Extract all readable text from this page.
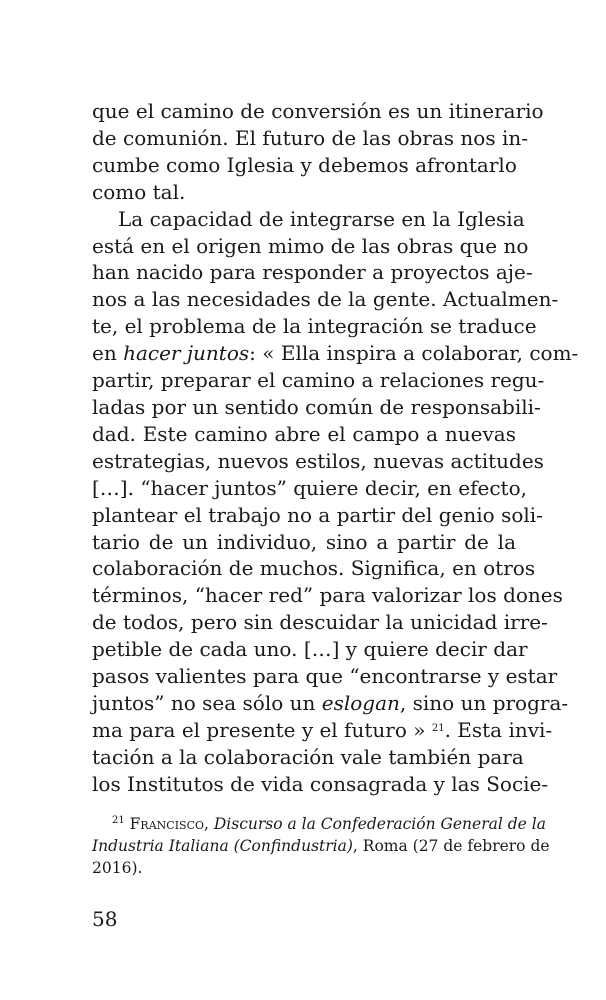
que el camino de conversión es un itinerario
de comunión. El futuro de las obras nos in-
cumbe como Iglesia y debemos afrontarlo
como tal.
La capacidad de integrarse en la Iglesia
está en el origen mimo de las obras que no
han nacido para responder a proyectos aje-
nos a las necesidades de la gente. Actualmen-
te, el problema de la integración se traduce
en hacer juntos: « Ella inspira a colaborar, com-
partir, preparar el camino a relaciones regu-
ladas por un sentido común de responsabili-
dad. Este camino abre el campo a nuevas
estrategias, nuevos estilos, nuevas actitudes
[…]. “hacer juntos” quiere decir, en efecto,
plantear el trabajo no a partir del genio soli-
tario de un individuo, sino a partir de la
colaboración de muchos. Significa, en otros
términos, “hacer red” para valorizar los dones
de todos, pero sin descuidar la unicidad irre-
petible de cada uno. […] y quiere decir dar
pasos valientes para que “encontrarse y estar
juntos” no sea sólo un eslogan, sino un progra-
ma para el presente y el futuro » $^{21}$. Esta invi-
tación a la colaboración vale también para
los Institutos de vida consagrada y las Socie-
$^{21}$ Francisco, Discurso a la Confederación General de la
Industria Italiana (Confindustria), Roma (27 de febrero de
2016).
58
